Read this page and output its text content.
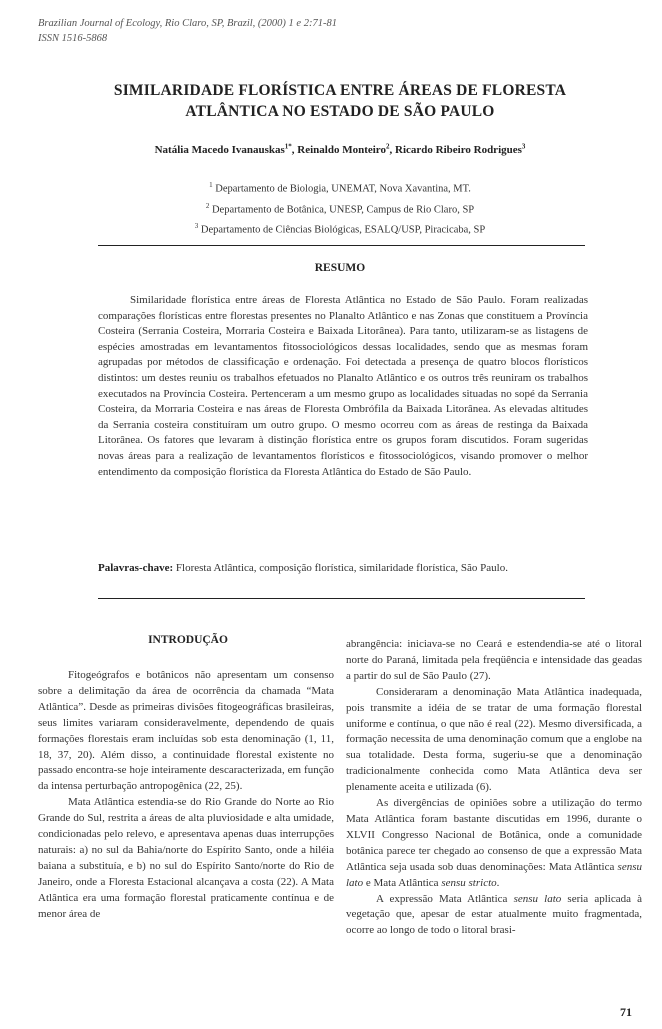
Brazilian Journal of Ecology, Rio Claro, SP, Brazil, (2000) 1 e 2:71-81
ISSN 1516-5868
SIMILARIDADE FLORÍSTICA ENTRE ÁREAS DE FLORESTA
ATLÂNTICA NO ESTADO DE SÃO PAULO
Natália Macedo Ivanauskas$^{1*}$, Reinaldo Monteiro$^2$, Ricardo Ribeiro Rodrigues$^3$
$^1$ Departamento de Biologia, UNEMAT, Nova Xavantina, MT.
$^2$ Departamento de Botânica, UNESP, Campus de Rio Claro, SP
$^3$ Departamento de Ciências Biológicas, ESALQ/USP, Piracicaba, SP
RESUMO
Similaridade florística entre áreas de Floresta Atlântica no Estado de São Paulo. Foram realizadas comparações florísticas entre florestas presentes no Planalto Atlântico e nas Zonas que constituem a Província Costeira (Serrania Costeira, Morraria Costeira e Baixada Litorânea). Para tanto, utilizaram-se as listagens de espécies amostradas em levantamentos fitossociológicos dessas localidades, sendo que as mesmas foram agrupadas por métodos de classificação e ordenação. Foi detectada a presença de quatro blocos florísticos distintos: um destes reuniu os trabalhos efetuados no Planalto Atlântico e os outros três reuniram os trabalhos executados na Província Costeira. Pertenceram a um mesmo grupo as localidades situadas no sopé da Serrania Costeira, da Morraria Costeira e nas áreas de Floresta Ombrófila da Baixada Litorânea. As elevadas altitudes da Serrania costeira constituíram um outro grupo. O mesmo ocorreu com as áreas de restinga da Baixada Litorânea. Os fatores que levaram à distinção florística entre os grupos foram discutidos. Foram sugeridas novas áreas para a realização de levantamentos florísticos e fitossociológicos, visando promover o melhor entendimento da composição florística da Floresta Atlântica do Estado de São Paulo.
Palavras-chave: Floresta Atlântica, composição florística, similaridade florística, São Paulo.
INTRODUÇÃO

Fitogeógrafos e botânicos não apresentam um consenso sobre a delimitação da área de ocorrência da chamada “Mata Atlântica”. Desde as primeiras divisões fitogeográficas brasileiras, seus limites variaram consideravelmente, dependendo de quais formações florestais eram incluídas sob esta denominação (1, 11, 18, 37, 20). Além disso, a continuidade florestal existente no passado encontra-se hoje inteiramente descaracterizada, em função da intensa perturbação antropogênica (22, 25).

Mata Atlântica estendia-se do Rio Grande do Norte ao Rio Grande do Sul, restrita a áreas de alta pluviosidade e alta umidade, condicionadas pelo relevo, e apresentava apenas duas interrupções naturais: a) no sul da Bahia/norte do Espírito Santo, onde a hiléia baiana a substituía, e b) no sul do Espírito Santo/norte do Rio de Janeiro, onde a Floresta Estacional alcançava a costa (22). A Mata Atlântica era uma formação florestal praticamente contínua e de menor área de

abrangência: iniciava-se no Ceará e estendendia-se até o litoral norte do Paraná, limitada pela freqüência e intensidade das geadas a partir do sul de São Paulo (27).

Consideraram a denominação Mata Atlântica inadequada, pois transmite a idéia de se tratar de uma formação florestal uniforme e contínua, o que não é real (22). Mesmo diversificada, a formação necessita de uma denominação comum que a englobe na sua totalidade. Desta forma, sugeriu-se que a denominação tradicionalmente conhecida como Mata Atlântica deva ser plenamente aceita e utilizada (6).

As divergências de opiniões sobre a utilização do termo Mata Atlântica foram bastante discutidas em 1996, durante o XLVII Congresso Nacional de Botânica, onde a comunidade botânica parece ter chegado ao consenso de que a expressão Mata Atlântica seja usada sob duas denominações: Mata Atlântica sensu lato e Mata Atlântica sensu stricto.

A expressão Mata Atlântica sensu lato seria aplicada à vegetação que, apesar de estar atualmente muito fragmentada, ocorre ao longo de todo o litoral brasi-

71
